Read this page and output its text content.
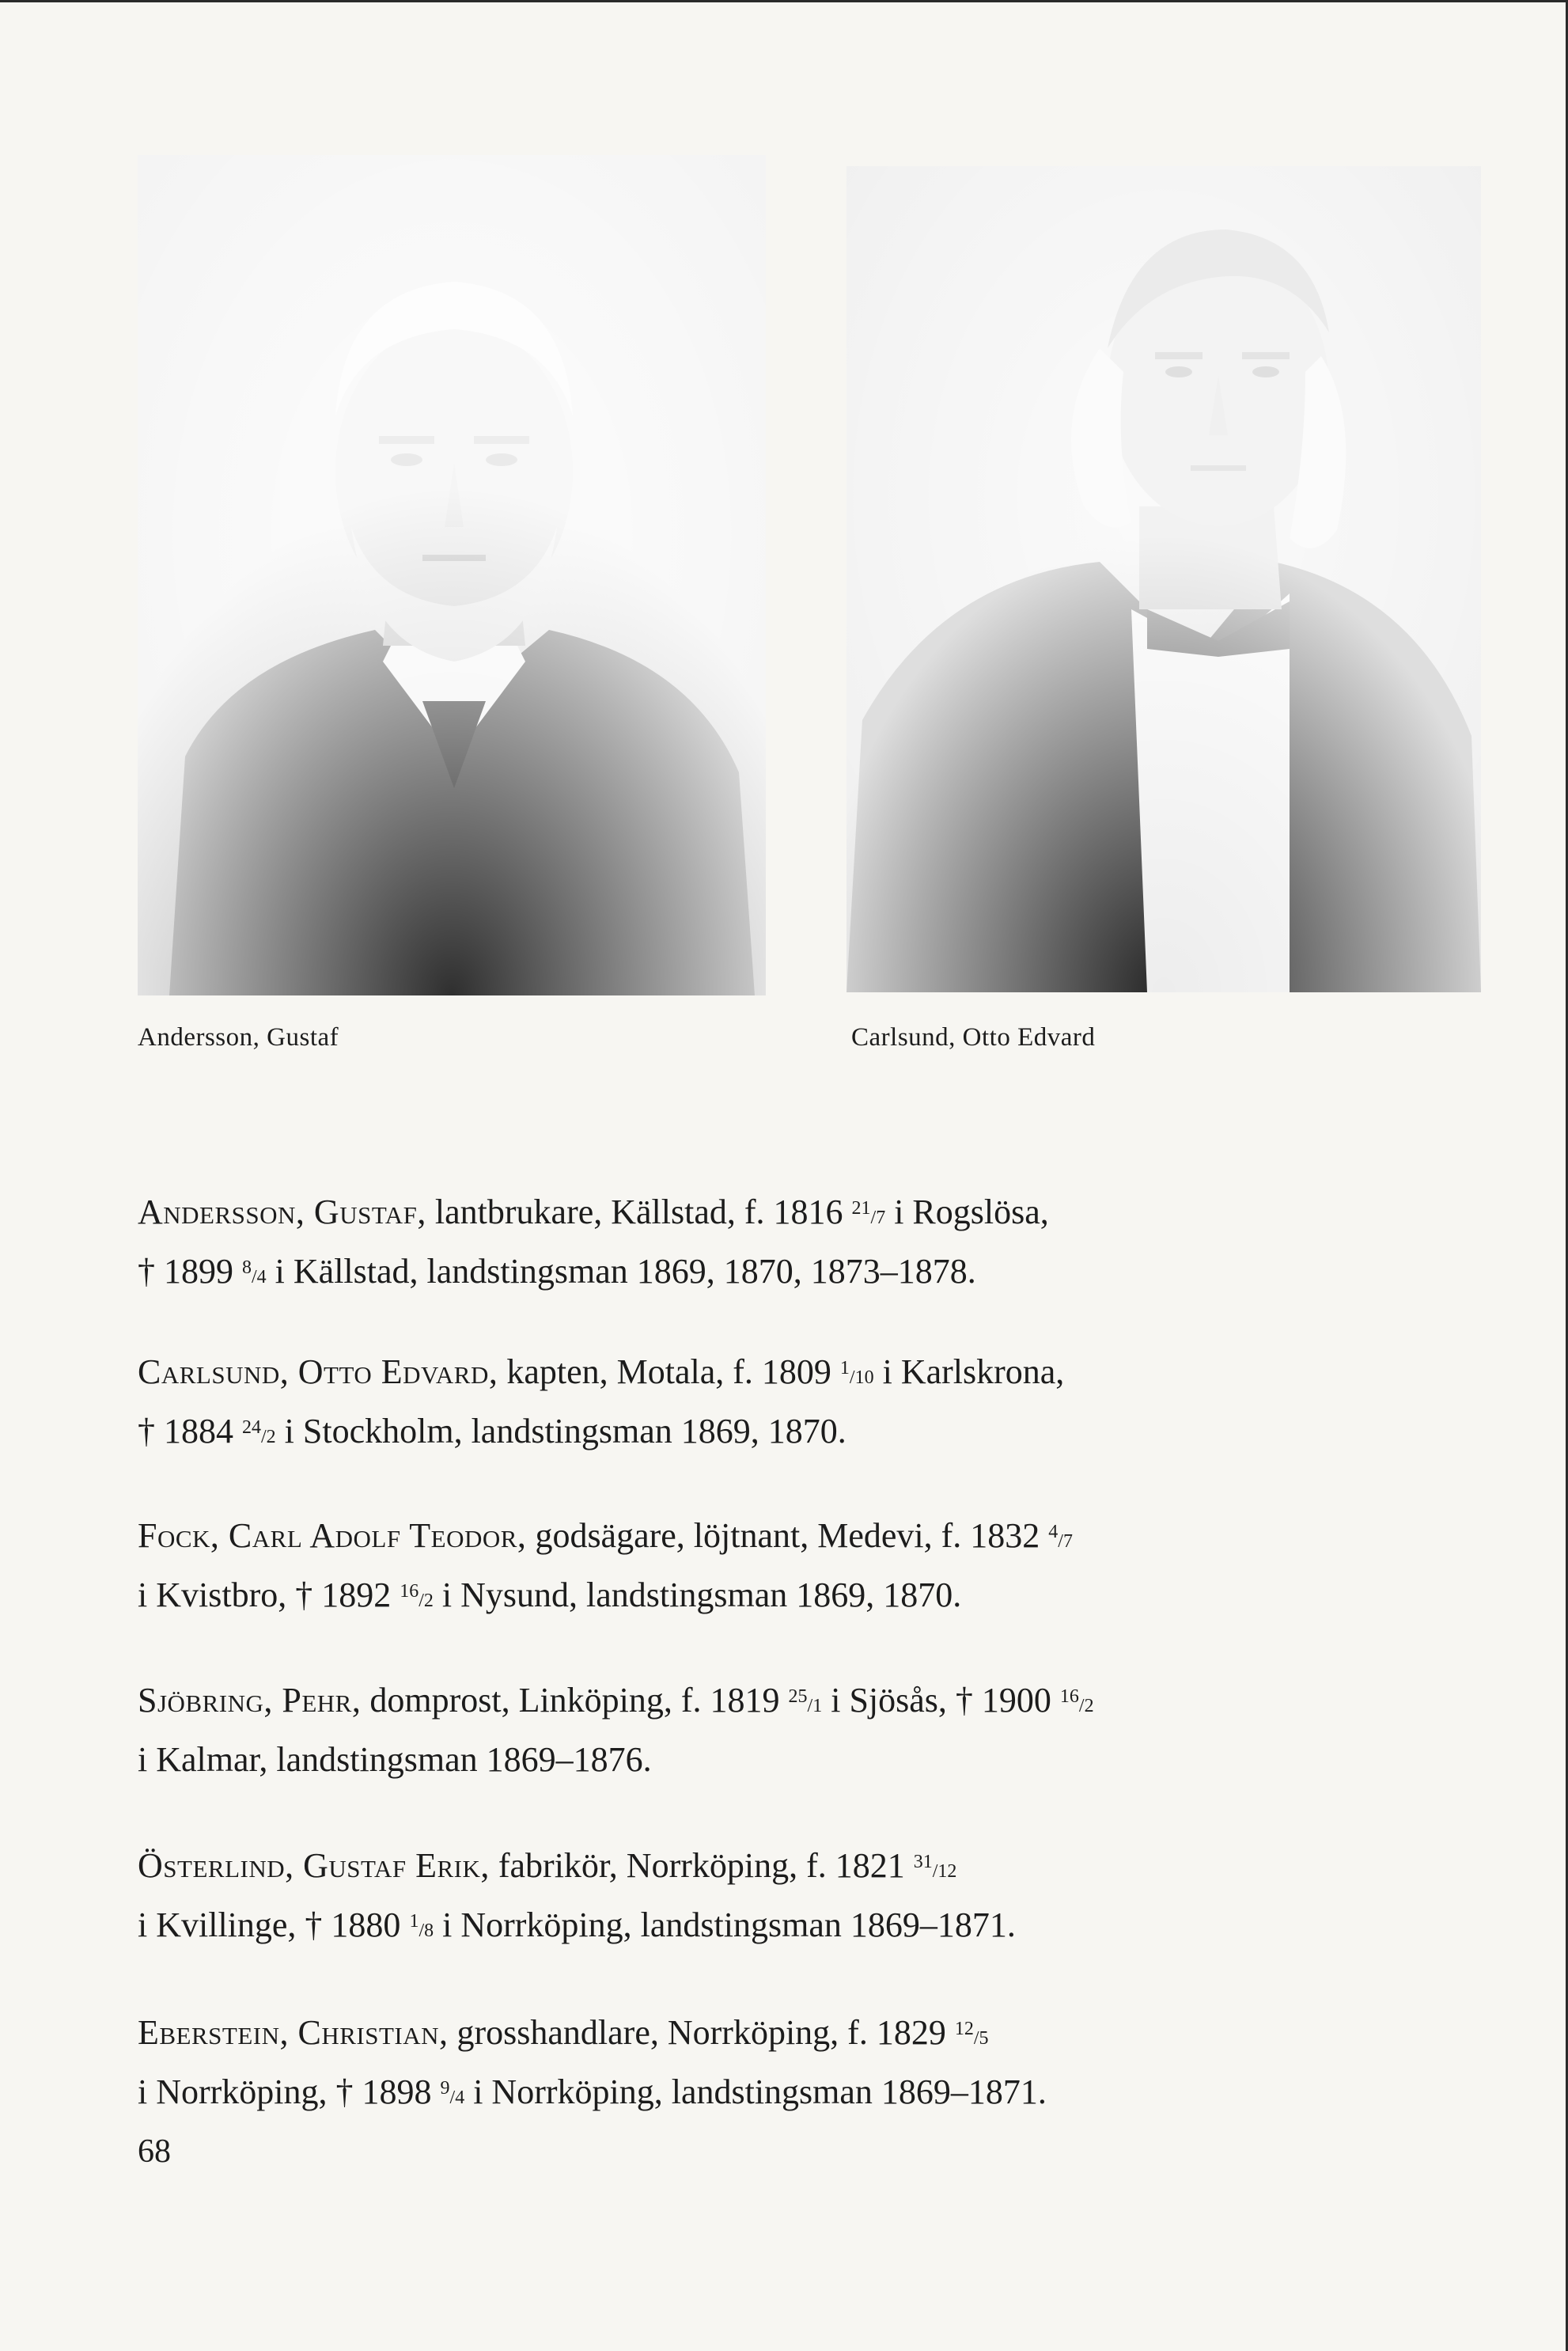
Andersson, Gustaf	Carlsund, Otto Edvard
Andersson, Gustaf, lantbrukare, Källstad, f. 1816 $^{21}$/7 i Rogslösa,
† 1899 $^8$/4 i Källstad, landstingsman 1869, 1870, 1873–1878.
Carlsund, Otto Edvard, kapten, Motala, f. 1809 $^1$/10 i Karlskrona,
† 1884 $^{24}$/2 i Stockholm, landstingsman 1869, 1870.
Fock, Carl Adolf Teodor, godsägare, löjtnant, Medevi, f. 1832 $^4$/7
i Kvistbro, † 1892 $^{16}$/2 i Nysund, landstingsman 1869, 1870.
Sjöbring, Pehr, domprost, Linköping, f. 1819 $^{25}$/1 i Sjösås, † 1900 $^{16}$/2
i Kalmar, landstingsman 1869–1876.
Österlind, Gustaf Erik, fabrikör, Norrköping, f. 1821 $^{31}$/12
i Kvillinge, † 1880 $^1$/8 i Norrköping, landstingsman 1869–1871.
Eberstein, Christian, grosshandlare, Norrköping, f. 1829 $^{12}$/5
i Norrköping, † 1898 $^9$/4 i Norrköping, landstingsman 1869–1871.
68
